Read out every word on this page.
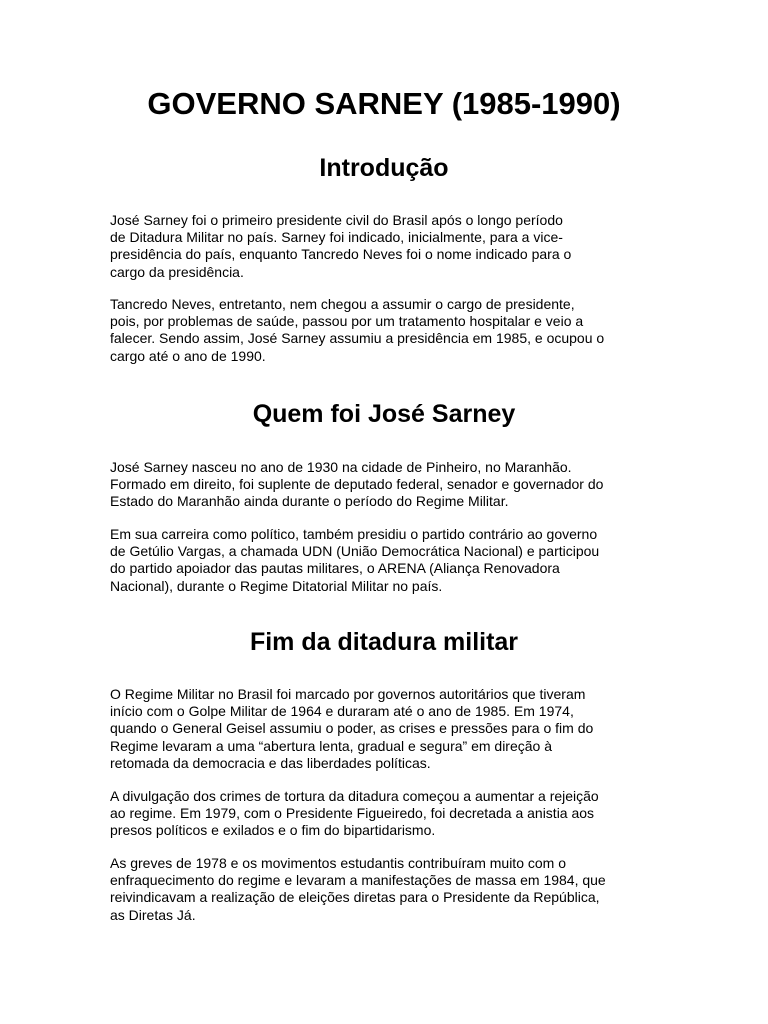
GOVERNO SARNEY (1985-1990)
Introdução

José Sarney foi o primeiro presidente civil do Brasil após o longo período
de Ditadura Militar no país. Sarney foi indicado, inicialmente, para a vice-
presidência do país, enquanto Tancredo Neves foi o nome indicado para o
cargo da presidência.

Tancredo Neves, entretanto, nem chegou a assumir o cargo de presidente,
pois, por problemas de saúde, passou por um tratamento hospitalar e veio a
falecer. Sendo assim, José Sarney assumiu a presidência em 1985, e ocupou o
cargo até o ano de 1990.

Quem foi José Sarney

José Sarney nasceu no ano de 1930 na cidade de Pinheiro, no Maranhão.
Formado em direito, foi suplente de deputado federal, senador e governador do
Estado do Maranhão ainda durante o período do Regime Militar.

Em sua carreira como político, também presidiu o partido contrário ao governo
de Getúlio Vargas, a chamada UDN (União Democrática Nacional) e participou
do partido apoiador das pautas militares, o ARENA (Aliança Renovadora
Nacional), durante o Regime Ditatorial Militar no país.

Fim da ditadura militar

O Regime Militar no Brasil foi marcado por governos autoritários que tiveram
início com o Golpe Militar de 1964 e duraram até o ano de 1985. Em 1974,
quando o General Geisel assumiu o poder, as crises e pressões para o fim do
Regime levaram a uma “abertura lenta, gradual e segura” em direção à
retomada da democracia e das liberdades políticas.

A divulgação dos crimes de tortura da ditadura começou a aumentar a rejeição
ao regime. Em 1979, com o Presidente Figueiredo, foi decretada a anistia aos
presos políticos e exilados e o fim do bipartidarismo.

As greves de 1978 e os movimentos estudantis contribuíram muito com o
enfraquecimento do regime e levaram a manifestações de massa em 1984, que
reivindicavam a realização de eleições diretas para o Presidente da República,
as Diretas Já.
